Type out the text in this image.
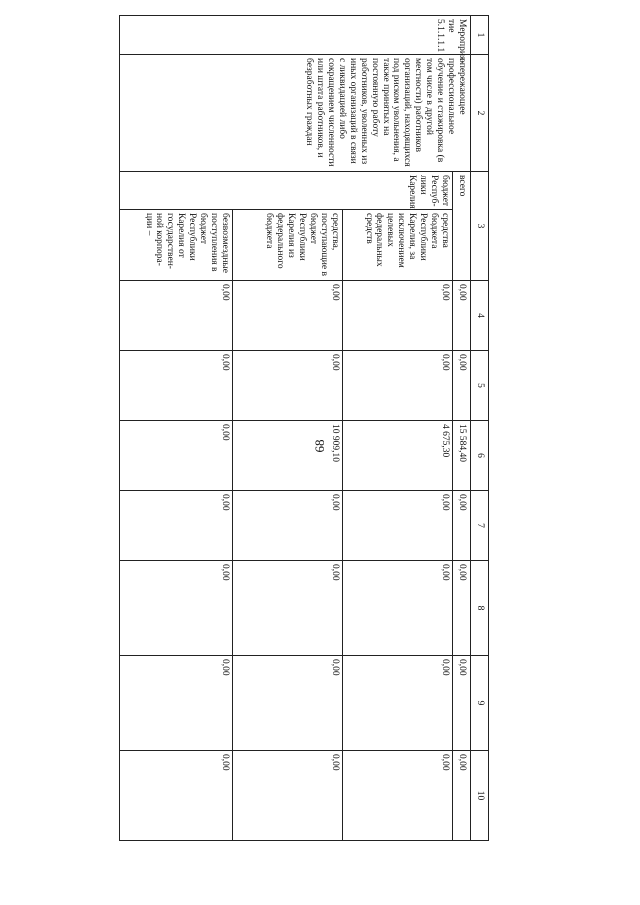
68
1	2	3		4	5	6	7	8	9	10
Мероприя-тие 5.1.1.1.1	опережающее профессиональное обучение и стажировка (в том числе в другой местности) работников организаций, находящихся под риском увольнения, а также принятых на постоянную работу работников, уволенных из иных организаций в связи с ликвидацией либо сокращением численности или штата работников, и безработных граждан	всего		0,00	0,00	15 584,40	0,00	0,00	0,00	0,00
		бюджет Респуб-лики Карелия	средства бюджета Республики Карелия, за исключением целевых федеральных средств	0,00	0,00	4 675,30	0,00	0,00	0,00	0,00
			средства, поступающие в бюджет Республики Карелия из федерального бюджета	0,00	0,00	10 909,10	0,00	0,00	0,00	0,00
			безвозмездные поступления в бюджет Республики Карелия от государствен-ной корпора-ции –	0,00	0,00	0,00	0,00	0,00	0,00	0,00
